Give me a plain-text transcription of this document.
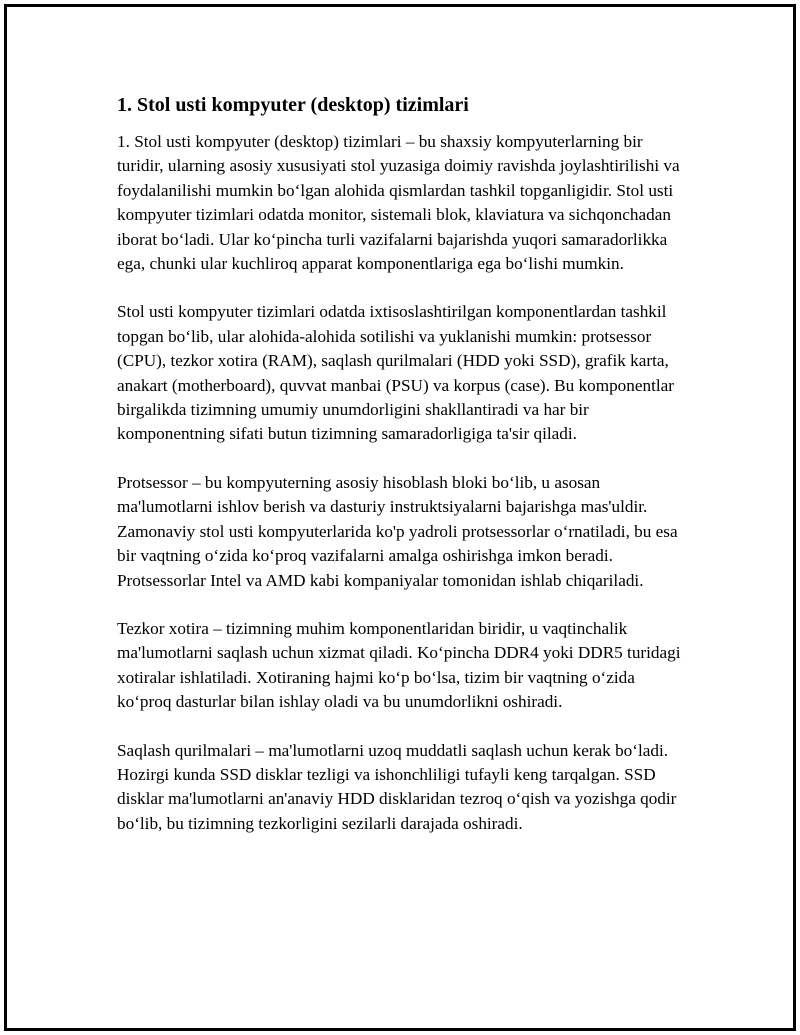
1. Stol usti kompyuter (desktop) tizimlari

1. Stol usti kompyuter (desktop) tizimlari – bu shaxsiy kompyuterlarning bir turidir, ularning asosiy xususiyati stol yuzasiga doimiy ravishda joylashtirilishi va foydalanilishi mumkin bo‘lgan alohida qismlardan tashkil topganligidir. Stol usti kompyuter tizimlari odatda monitor, sistemali blok, klaviatura va sichqonchadan iborat bo‘ladi. Ular ko‘pincha turli vazifalarni bajarishda yuqori samaradorlikka ega, chunki ular kuchliroq apparat komponentlariga ega bo‘lishi mumkin.

Stol usti kompyuter tizimlari odatda ixtisoslashtirilgan komponentlardan tashkil topgan bo‘lib, ular alohida-alohida sotilishi va yuklanishi mumkin: protsessor (CPU), tezkor xotira (RAM), saqlash qurilmalari (HDD yoki SSD), grafik karta, anakart (motherboard), quvvat manbai (PSU) va korpus (case). Bu komponentlar birgalikda tizimning umumiy unumdorligini shakllantiradi va har bir komponentning sifati butun tizimning samaradorligiga ta'sir qiladi.

Protsessor – bu kompyuterning asosiy hisoblash bloki bo‘lib, u asosan ma'lumotlarni ishlov berish va dasturiy instruktsiyalarni bajarishga mas'uldir. Zamonaviy stol usti kompyuterlarida ko'p yadroli protsessorlar o‘rnatiladi, bu esa bir vaqtning o‘zida ko‘proq vazifalarni amalga oshirishga imkon beradi. Protsessorlar Intel va AMD kabi kompaniyalar tomonidan ishlab chiqariladi.

Tezkor xotira – tizimning muhim komponentlaridan biridir, u vaqtinchalik ma'lumotlarni saqlash uchun xizmat qiladi. Ko‘pincha DDR4 yoki DDR5 turidagi xotiralar ishlatiladi. Xotiraning hajmi ko‘p bo‘lsa, tizim bir vaqtning o‘zida ko‘proq dasturlar bilan ishlay oladi va bu unumdorlikni oshiradi.

Saqlash qurilmalari – ma'lumotlarni uzoq muddatli saqlash uchun kerak bo‘ladi. Hozirgi kunda SSD disklar tezligi va ishonchliligi tufayli keng tarqalgan. SSD disklar ma'lumotlarni an'anaviy HDD disklaridan tezroq o‘qish va yozishga qodir bo‘lib, bu tizimning tezkorligini sezilarli darajada oshiradi.
